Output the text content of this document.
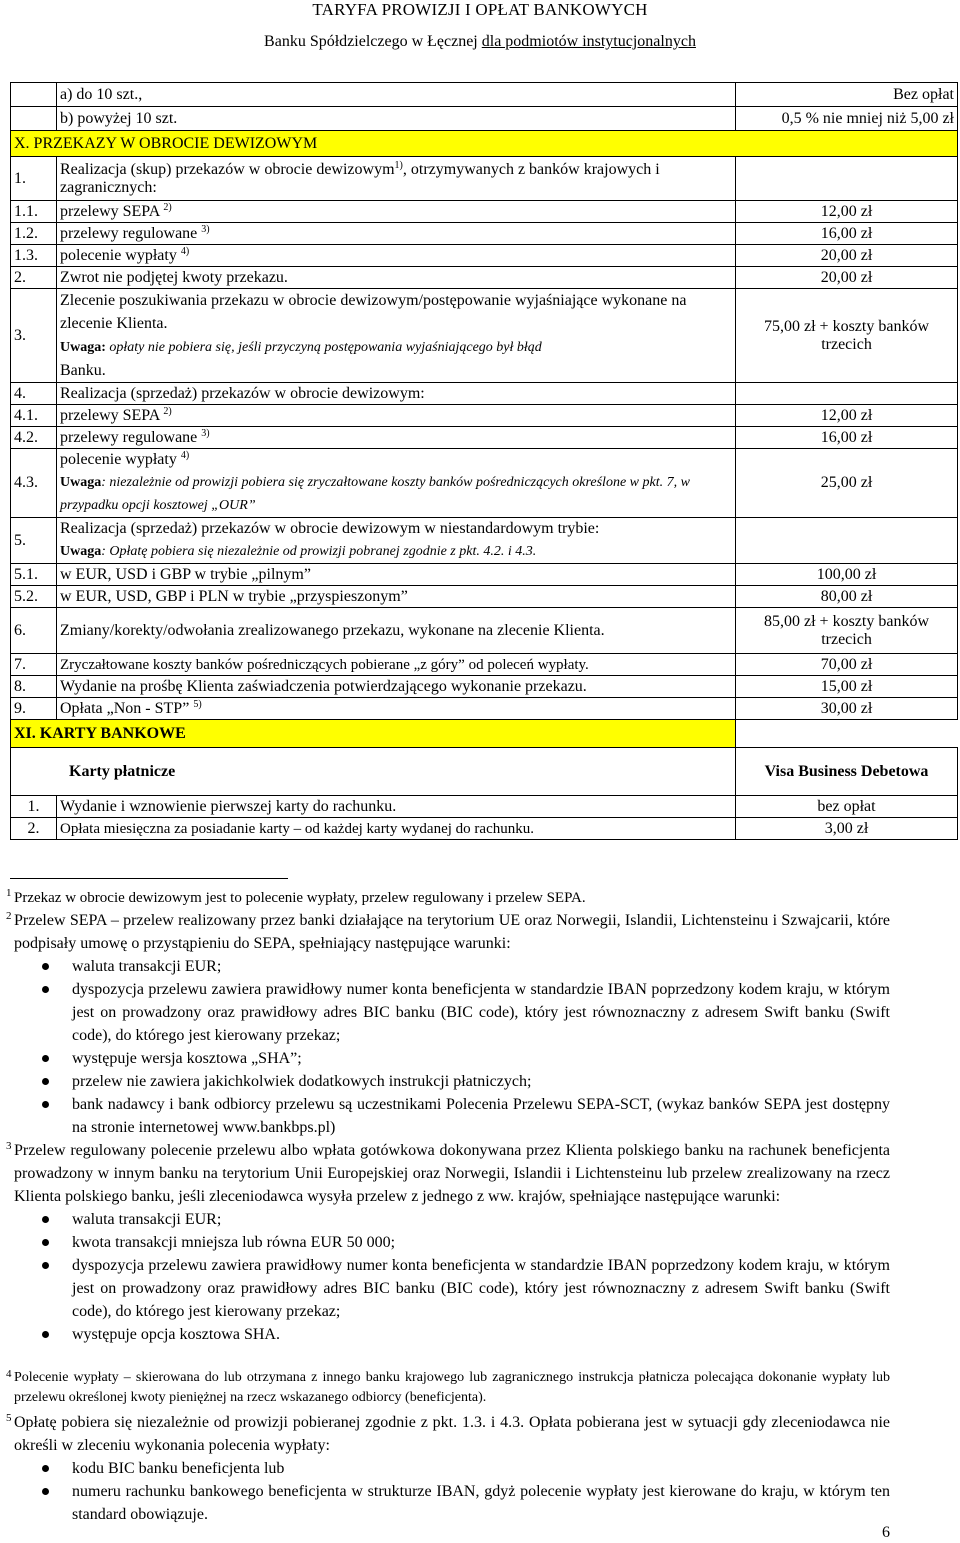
TARYFA PROWIZJI I OPŁAT BANKOWYCH
Banku Spółdzielczego w Łęcznej dla podmiotów instytucjonalnych
	a) do 10 szt.,	Bez opłat
	b) powyżej 10 szt.	0,5 % nie mniej niż 5,00 zł
X. PRZEKAZY W OBROCIE DEWIZOWYM		
1.	Realizacja (skup) przekazów w obrocie dewizowym$^{1)}$, otrzymywanych z banków krajowych i zagranicznych:	
1.1.	przelewy SEPA $^{2)}$	12,00 zł
1.2.	przelewy regulowane $^{3)}$	16,00 zł
1.3.	polecenie wypłaty $^{4)}$	20,00 zł
2.	Zwrot nie podjętej kwoty przekazu.	20,00 zł
3.	Zlecenie poszukiwania przekazu w obrocie dewizowym/postępowanie wyjaśniające wykonane na zlecenie Klienta.
Uwaga: opłaty nie pobiera się, jeśli przyczyną postępowania wyjaśniającego był błąd
Banku.	75,00 zł + koszty banków trzecich
4.	Realizacja (sprzedaż) przekazów w obrocie dewizowym:	
4.1.	przelewy SEPA $^{2)}$	12,00 zł
4.2.	przelewy regulowane $^{3)}$	16,00 zł
4.3.	polecenie wypłaty $^{4)}$
Uwaga: niezależnie od prowizji pobiera się zryczałtowane koszty banków pośredniczących określone w pkt. 7, w przypadku opcji kosztowej „OUR”	25,00 zł
5.	Realizacja (sprzedaż) przekazów w obrocie dewizowym w niestandardowym trybie:
Uwaga: Opłatę pobiera się niezależnie od prowizji pobranej zgodnie z pkt. 4.2. i 4.3.	
5.1.	w EUR, USD i GBP w trybie „pilnym”	100,00 zł
5.2.	w EUR, USD, GBP i PLN w trybie „przyspieszonym”	80,00 zł
6.	Zmiany/korekty/odwołania zrealizowanego przekazu, wykonane na zlecenie Klienta.	85,00 zł + koszty banków trzecich
7.	Zryczałtowane koszty banków pośredniczących pobierane „z góry” od poleceń wypłaty.	70,00 zł
8.	Wydanie na prośbę Klienta zaświadczenia potwierdzającego wykonanie przekazu.	15,00 zł
9.	Opłata „Non - STP” $^{5)}$	30,00 zł
XI. KARTY BANKOWE		
Karty płatnicze		Visa Business Debetowa
1.	Wydanie i wznowienie pierwszej karty do rachunku.	bez opłat
2.	Opłata miesięczna za posiadanie karty – od każdej karty wydanej do rachunku.	3,00 zł
1 Przekaz w obrocie dewizowym jest to polecenie wypłaty, przelew regulowany i przelew SEPA.
2 Przelew SEPA – przelew realizowany przez banki działające na terytorium UE oraz Norwegii, Islandii, Lichtensteinu i Szwajcarii, które podpisały umowę o przystąpieniu do SEPA, spełniający następujące warunki:

waluta transakcji EUR;

dyspozycja przelewu zawiera prawidłowy numer konta beneficjenta w standardzie IBAN poprzedzony kodem kraju, w którym jest on prowadzony oraz prawidłowy adres BIC banku (BIC code), który jest równoznaczny z adresem Swift banku (Swift code), do którego jest kierowany przekaz;

występuje wersja kosztowa „SHA”;

przelew nie zawiera jakichkolwiek dodatkowych instrukcji płatniczych;

bank nadawcy i bank odbiorcy przelewu są uczestnikami Polecenia Przelewu SEPA-SCT, (wykaz banków SEPA jest dostępny na stronie internetowej www.bankbps.pl)

3 Przelew regulowany polecenie przelewu albo wpłata gotówkowa dokonywana przez Klienta polskiego banku na rachunek beneficjenta prowadzony w innym banku na terytorium Unii Europejskiej oraz Norwegii, Islandii i Lichtensteinu lub przelew zrealizowany na rzecz Klienta polskiego banku, jeśli zleceniodawca wysyła przelew z jednego z ww. krajów, spełniające następujące warunki:

waluta transakcji EUR;

kwota transakcji mniejsza lub równa EUR 50 000;

dyspozycja przelewu zawiera prawidłowy numer konta beneficjenta w standardzie IBAN poprzedzony kodem kraju, w którym jest on prowadzony oraz prawidłowy adres BIC banku (BIC code), który jest równoznaczny z adresem Swift banku (Swift code), do którego jest kierowany przekaz;

występuje opcja kosztowa SHA.

4 Polecenie wypłaty – skierowana do lub otrzymana z innego banku krajowego lub zagranicznego instrukcja płatnicza polecająca dokonanie wypłaty lub przelewu określonej kwoty pieniężnej na rzecz wskazanego odbiorcy (beneficjenta).
5 Opłatę pobiera się niezależnie od prowizji pobieranej zgodnie z pkt. 1.3. i 4.3. Opłata pobierana jest w sytuacji gdy zleceniodawca nie określi w zleceniu wykonania polecenia wypłaty:

kodu BIC banku beneficjenta lub

numeru rachunku bankowego beneficjenta w strukturze IBAN, gdyż polecenie wypłaty jest kierowane do kraju, w którym ten standard obowiązuje.

6
